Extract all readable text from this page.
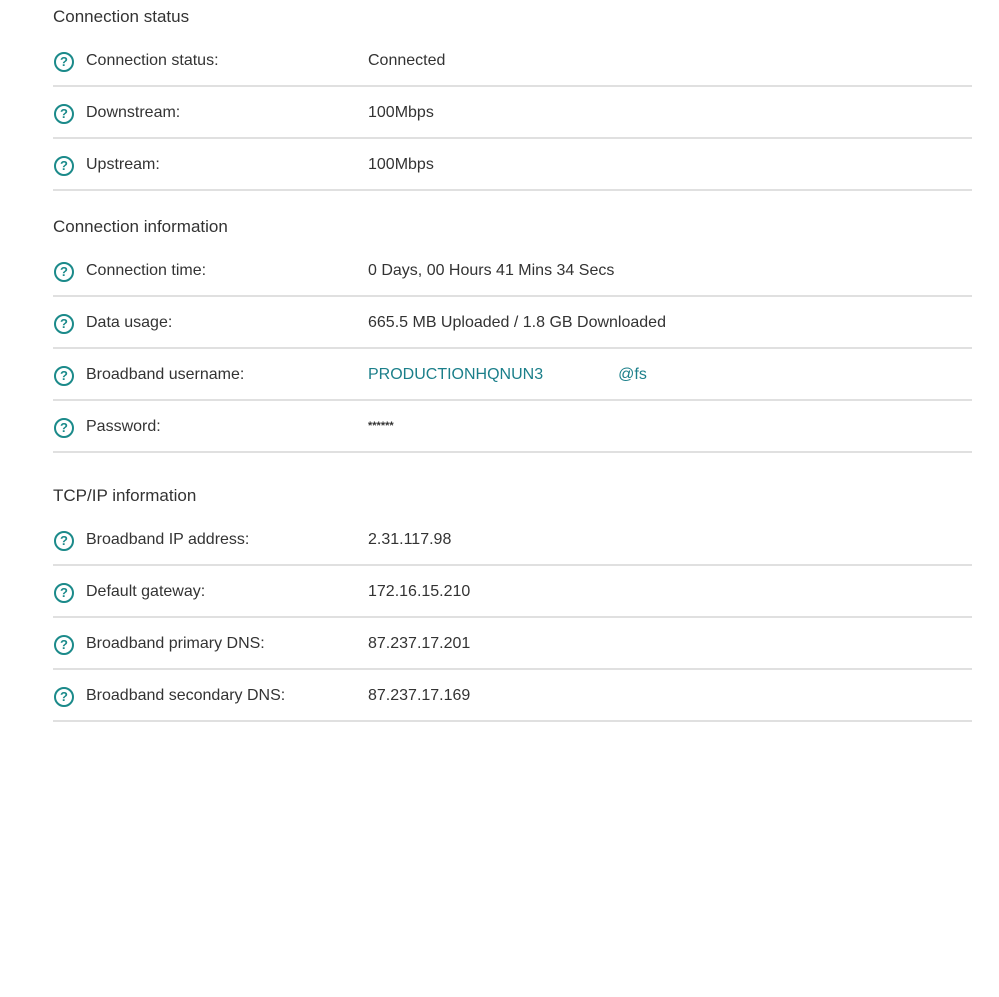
Connection status
?	Connection status:	Connected
?	Downstream:	100Mbps
?	Upstream:	100Mbps
Connection information
?	Connection time:	0 Days, 00 Hours 41 Mins 34 Secs
?	Data usage:	665.5 MB Uploaded / 1.8 GB Downloaded
?	Broadband username:	PRODUCTIONHQNUN3	@fs
?	Password:	******
TCP/IP information
?	Broadband IP address:	2.31.117.98
?	Default gateway:	172.16.15.210
?	Broadband primary DNS:	87.237.17.201
?	Broadband secondary DNS:	87.237.17.169
